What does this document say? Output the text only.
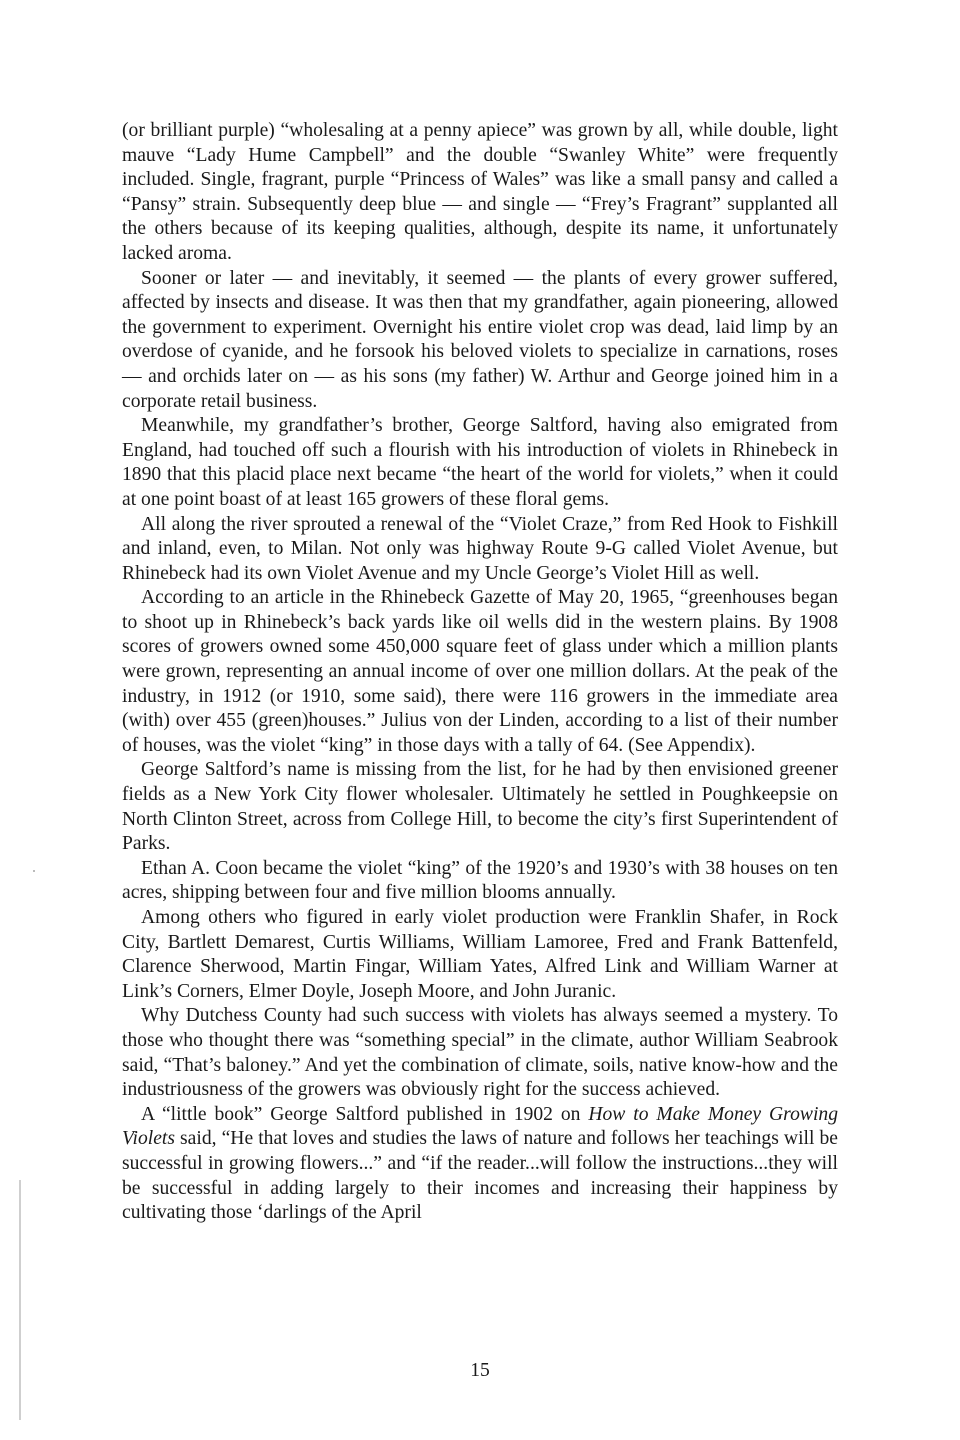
(or brilliant purple) “wholesaling at a penny apiece” was grown by all, while double, light mauve “Lady Hume Campbell” and the double “Swanley White” were frequently included. Single, fragrant, purple “Princess of Wales” was like a small pansy and called a “Pansy” strain. Subsequently deep blue — and single — “Frey’s Fragrant” supplanted all the others because of its keeping qualities, although, despite its name, it unfortunately lacked aroma.

Sooner or later — and inevitably, it seemed — the plants of every grower suffered, affected by insects and disease. It was then that my grandfather, again pioneering, allowed the government to experiment. Overnight his entire violet crop was dead, laid limp by an overdose of cyanide, and he forsook his beloved violets to specialize in carnations, roses — and orchids later on — as his sons (my father) W. Arthur and George joined him in a corporate retail business.

Meanwhile, my grandfather’s brother, George Saltford, having also emigrated from England, had touched off such a flourish with his introduction of violets in Rhinebeck in 1890 that this placid place next became “the heart of the world for violets,” when it could at one point boast of at least 165 growers of these floral gems.

All along the river sprouted a renewal of the “Violet Craze,” from Red Hook to Fishkill and inland, even, to Milan. Not only was highway Route 9-G called Violet Avenue, but Rhinebeck had its own Violet Avenue and my Uncle George’s Violet Hill as well.

According to an article in the Rhinebeck Gazette of May 20, 1965, “greenhouses began to shoot up in Rhinebeck’s back yards like oil wells did in the western plains. By 1908 scores of growers owned some 450,000 square feet of glass under which a million plants were grown, representing an annual income of over one million dollars. At the peak of the industry, in 1912 (or 1910, some said), there were 116 growers in the immediate area (with) over 455 (green)houses.” Julius von der Linden, according to a list of their number of houses, was the violet “king” in those days with a tally of 64. (See Appendix).

George Saltford’s name is missing from the list, for he had by then envisioned greener fields as a New York City flower wholesaler. Ultimately he settled in Poughkeepsie on North Clinton Street, across from College Hill, to become the city’s first Superintendent of Parks.

Ethan A. Coon became the violet “king” of the 1920’s and 1930’s with 38 houses on ten acres, shipping between four and five million blooms annually.

Among others who figured in early violet production were Franklin Shafer, in Rock City, Bartlett Demarest, Curtis Williams, William Lamoree, Fred and Frank Battenfeld, Clarence Sherwood, Martin Fingar, William Yates, Alfred Link and William Warner at Link’s Corners, Elmer Doyle, Joseph Moore, and John Juranic.

Why Dutchess County had such success with violets has always seemed a mystery. To those who thought there was “something special” in the climate, author William Seabrook said, “That’s baloney.” And yet the combination of climate, soils, native know-how and the industriousness of the growers was obviously right for the success achieved.

A “little book” George Saltford published in 1902 on How to Make Money Growing Violets said, “He that loves and studies the laws of nature and follows her teachings will be successful in growing flowers...” and “if the reader...will follow the instructions...they will be successful in adding largely to their incomes and increasing their happiness by cultivating those ‘darlings of the April

15
